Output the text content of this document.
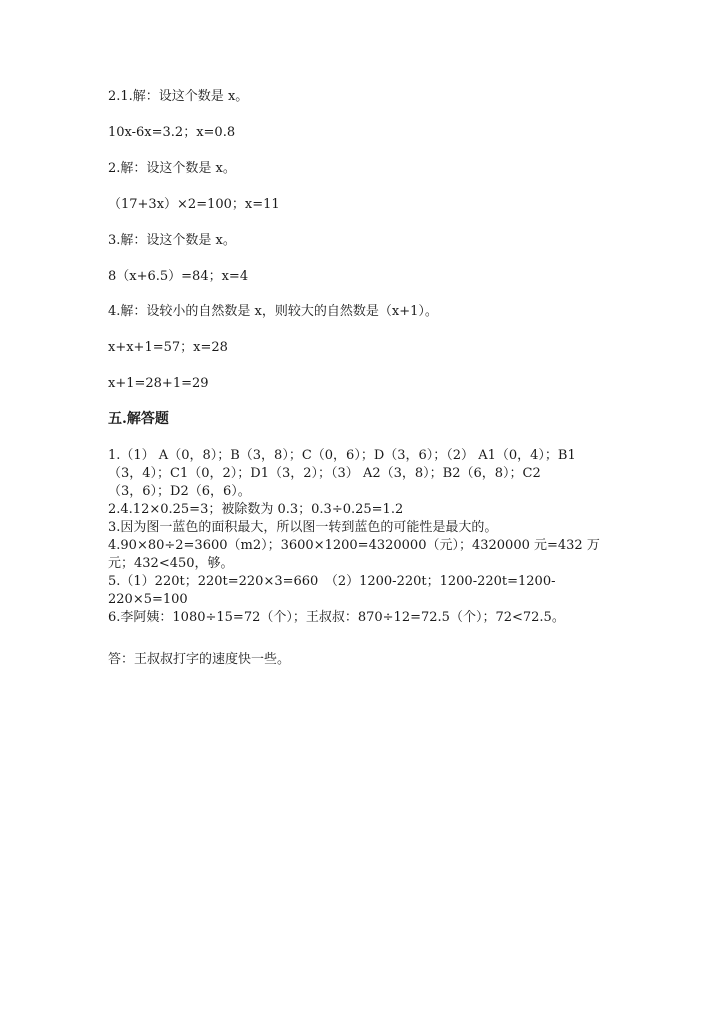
2.1.解：设这个数是 x。
10x-6x=3.2；x=0.8
2.解：设这个数是 x。
（17+3x）×2=100；x=11
3.解：设这个数是 x。
8（x+6.5）=84；x=4
4.解：设较小的自然数是 x，则较大的自然数是（x+1）。
x+x+1=57；x=28
x+1=28+1=29
五.解答题
1.（1） A（0，8）；B（3，8）；C（0，6）；D（3，6）；（2） A1（0，4）；B1
（3，4）；C1（0，2）；D1（3，2）；（3） A2（3，8）；B2（6，8）；C2
（3，6）；D2（6，6）。
2.4.12×0.25=3；被除数为 0.3；0.3÷0.25=1.2
3.因为图一蓝色的面积最大，所以图一转到蓝色的可能性是最大的。
4.90×80÷2=3600（m2）；3600×1200=4320000（元）；4320000 元=432 万
元；432<450，够。
5.（1）220t；220t=220×3=660　（2）1200-220t；1200-220t=1200-
220×5=100
6.李阿姨：1080÷15=72（个）；王叔叔：870÷12=72.5（个）；72<72.5。
答：王叔叔打字的速度快一些。
